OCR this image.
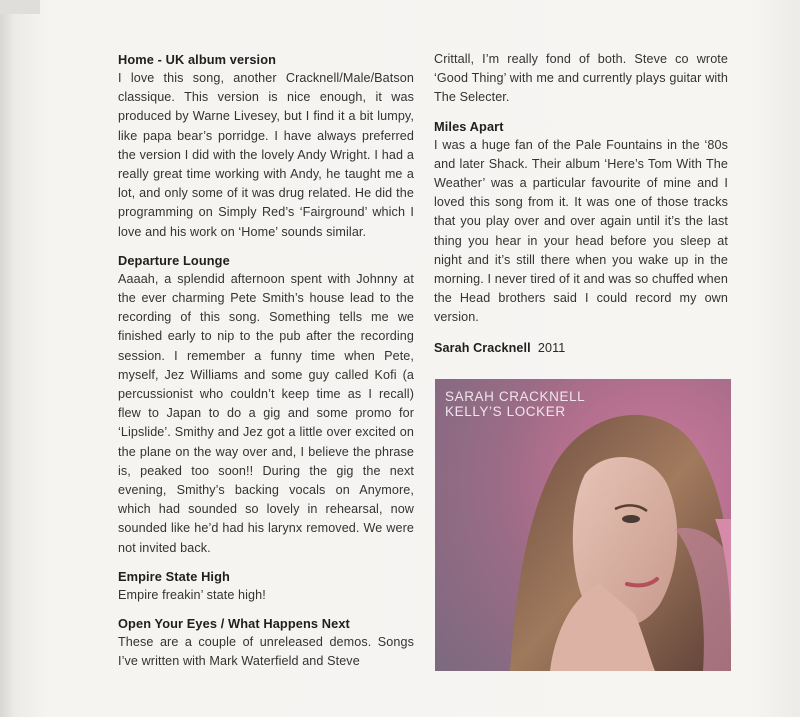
Home - UK album version

I love this song, another Cracknell/Male/Batson classique. This version is nice enough, it was produced by Warne Livesey, but I find it a bit lumpy, like papa bear’s porridge. I have always preferred the version I did with the lovely Andy Wright. I had a really great time working with Andy, he taught me a lot, and only some of it was drug related. He did the programming on Simply Red’s ‘Fairground’ which I love and his work on ‘Home’ sounds similar.

Departure Lounge

Aaaah, a splendid afternoon spent with Johnny at the ever charming Pete Smith’s house lead to the recording of this song. Something tells me we finished early to nip to the pub after the recording session. I remember a funny time when Pete, myself, Jez Williams and some guy called Kofi (a percussionist who couldn’t keep time as I recall) flew to Japan to do a gig and some promo for ‘Lipslide’. Smithy and Jez got a little over excited on the plane on the way over and, I believe the phrase is, peaked too soon!! During the gig the next evening, Smithy’s backing vocals on Anymore, which had sounded so lovely in rehearsal, now sounded like he’d had his larynx removed. We were not invited back.

Empire State High

Empire freakin’ state high!

Open Your Eyes / What Happens Next

These are a couple of unreleased demos. Songs I’ve written with Mark Waterfield and Steve

Crittall, I’m really fond of both. Steve co wrote ‘Good Thing’ with me and currently plays guitar with The Selecter.

Miles Apart

I was a huge fan of the Pale Fountains in the ‘80s and later Shack. Their album ‘Here’s Tom With The Weather’ was a particular favourite of mine and I loved this song from it. It was one of those tracks that you play over and over again until it’s the last thing you hear in your head before you sleep at night and it’s still there when you wake up in the morning. I never tired of it and was so chuffed when the Head brothers said I could record my own version.

Sarah Cracknell 2011
SARAH CRACKNELL
KELLY’S LOCKER
